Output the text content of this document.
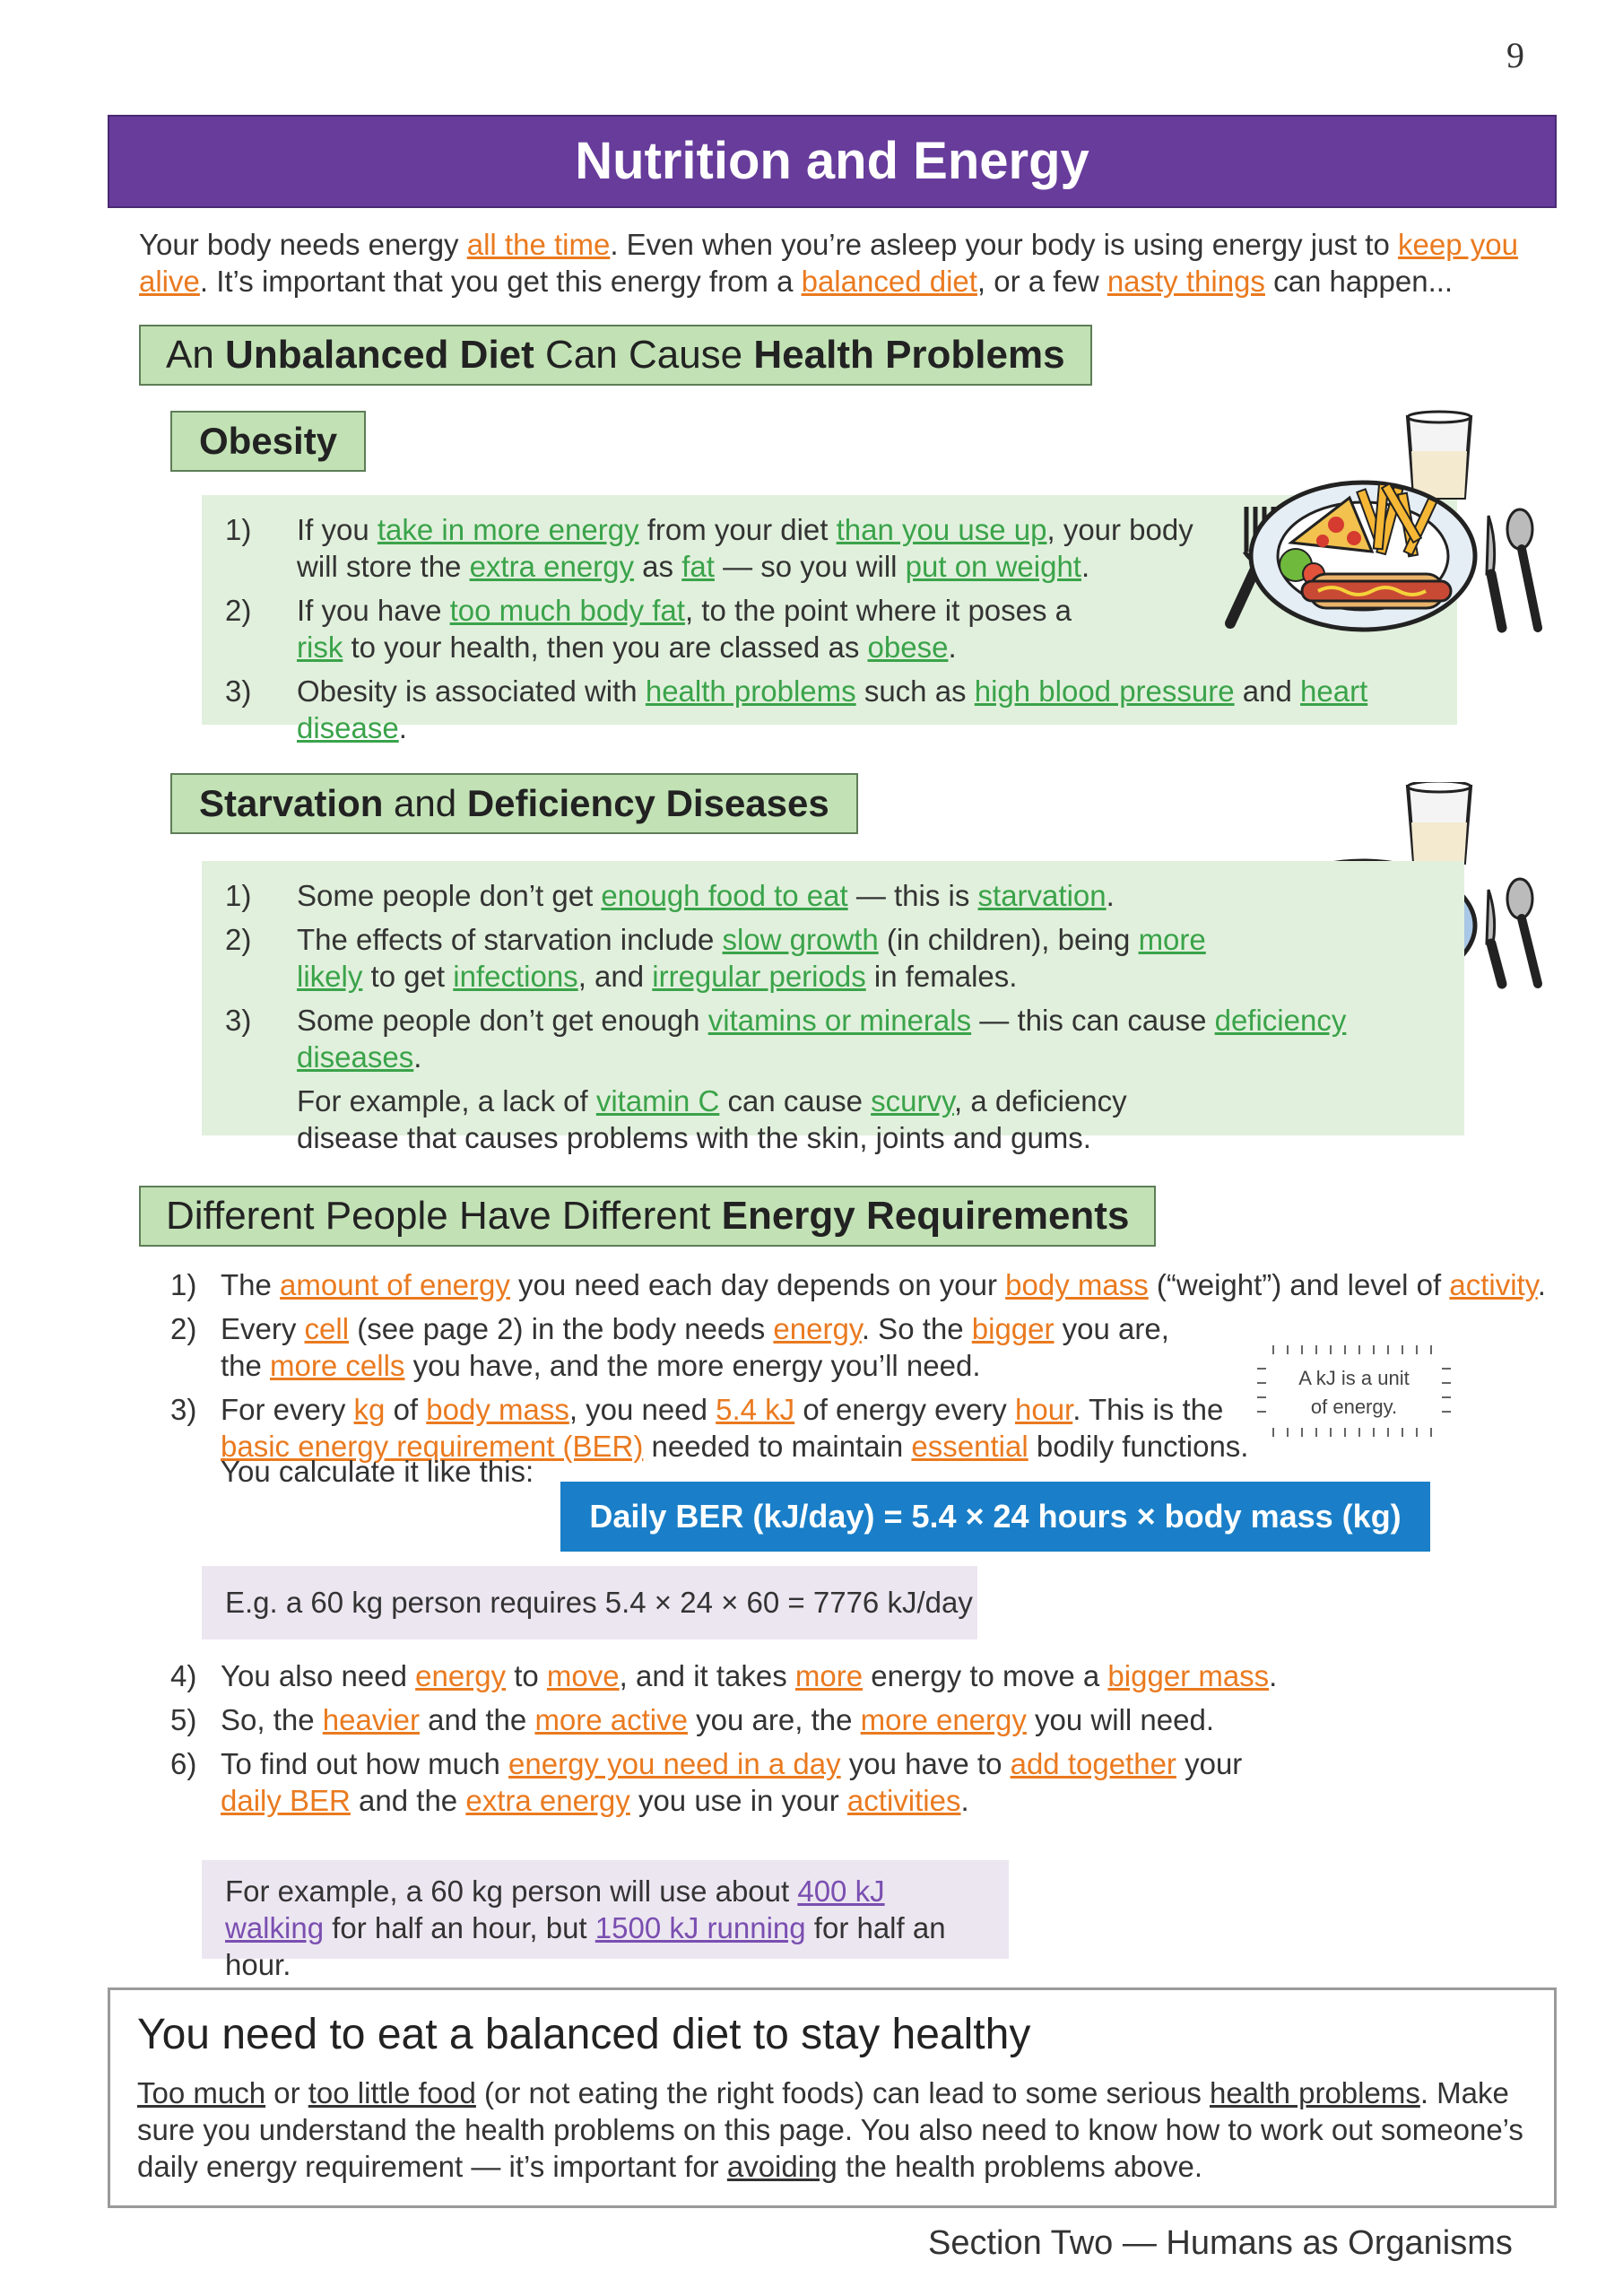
9
Nutrition and Energy
Your body needs energy all the time. Even when you’re asleep your body is using energy just to keep you alive. It’s important that you get this energy from a balanced diet, or a few nasty things can happen...
An Unbalanced Diet Can Cause Health Problems
Obesity
1) If you take in more energy from your diet than you use up, your body will store the extra energy as fat — so you will put on weight.
2) If you have too much body fat, to the point where it poses a risk to your health, then you are classed as obese.
3) Obesity is associated with health problems such as high blood pressure and heart disease.
Starvation and Deficiency Diseases
1) Some people don’t get enough food to eat — this is starvation.
2) The effects of starvation include slow growth (in children), being more likely to get infections, and irregular periods in females.
3) Some people don’t get enough vitamins or minerals — this can cause deficiency diseases.
For example, a lack of vitamin C can cause scurvy, a deficiency disease that causes problems with the skin, joints and gums.
Different People Have Different Energy Requirements
1) The amount of energy you need each day depends on your body mass (“weight”) and level of activity.
2) Every cell (see page 2) in the body needs energy. So the bigger you are, the more cells you have, and the more energy you’ll need.
3) For every kg of body mass, you need 5.4 kJ of energy every hour. This is the basic energy requirement (BER) needed to maintain essential bodily functions.
A kJ is a unit
of energy.
You calculate it like this:
Daily BER (kJ/day) = 5.4 × 24 hours × body mass (kg)
E.g. a 60 kg person requires 5.4 × 24 × 60 = 7776 kJ/day
4) You also need energy to move, and it takes more energy to move a bigger mass.
5) So, the heavier and the more active you are, the more energy you will need.
6) To find out how much energy you need in a day you have to add together your daily BER and the extra energy you use in your activities.
For example, a 60 kg person will use about 400 kJ walking for half an hour, but 1500 kJ running for half an hour.
You need to eat a balanced diet to stay healthy
Too much or too little food (or not eating the right foods) can lead to some serious health problems. Make sure you understand the health problems on this page. You also need to know how to work out someone’s daily energy requirement — it’s important for avoiding the health problems above.
Section Two — Humans as Organisms
